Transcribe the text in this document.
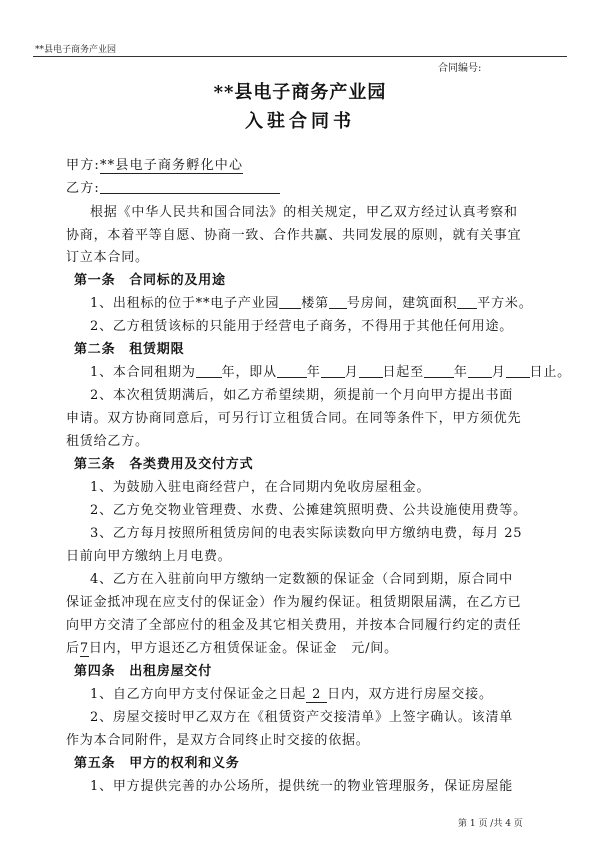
**县电子商务产业园
合同编号:
**县电子商务产业园
入驻合同书
甲方:**县电子商务孵化中心
乙方:
根据《中华人民共和国合同法》的相关规定，甲乙双方经过认真考察和
协商，本着平等自愿、协商一致、合作共赢、共同发展的原则，就有关事宜
订立本合同。
第一条　合同标的及用途
1、出租标的位于**电子产业园 楼第 号房间，建筑面积 平方米。
2、乙方租赁该标的只能用于经营电子商务，不得用于其他任何用途。
第二条　租赁期限
1、本合同租期为 年，即从 年 月 日起至 年 月 日止。
2、本次租赁期满后，如乙方希望续期，须提前一个月向甲方提出书面
申请。双方协商同意后，可另行订立租赁合同。在同等条件下，甲方须优先
租赁给乙方。
第三条　各类费用及交付方式
1、为鼓励入驻电商经营户，在合同期内免收房屋租金。
2、乙方免交物业管理费、水费、公摊建筑照明费、公共设施使用费等。
3、乙方每月按照所租赁房间的电表实际读数向甲方缴纳电费，每月 25
日前向甲方缴纳上月电费。
4、乙方在入驻前向甲方缴纳一定数额的保证金（合同到期，原合同中
保证金抵冲现在应支付的保证金）作为履约保证。租赁期限届满，在乙方已
向甲方交清了全部应付的租金及其它相关费用，并按本合同履行约定的责任
后7日内，甲方退还乙方租赁保证金。保证金 元/间。
第四条　出租房屋交付
1、自乙方向甲方支付保证金之日起 2 日内，双方进行房屋交接。
2、房屋交接时甲乙双方在《租赁资产交接清单》上签字确认。该清单
作为本合同附件，是双方合同终止时交接的依据。
第五条　甲方的权利和义务
1、甲方提供完善的办公场所，提供统一的物业管理服务，保证房屋能
第 1 页 /共 4 页
